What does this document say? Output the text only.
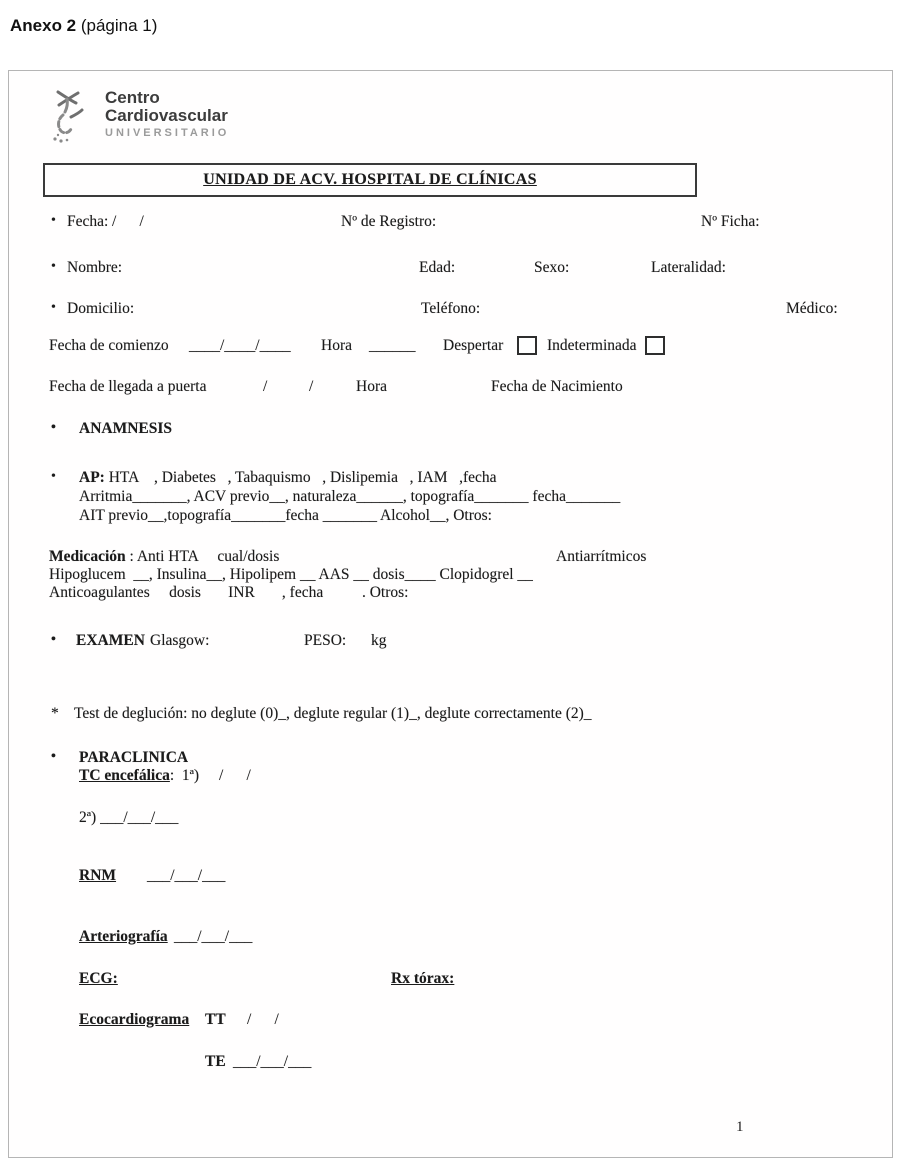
Anexo 2 (página 1)
Centro
Cardiovascular
UNIVERSITARIO
UNIDAD DE ACV. HOSPITAL DE CLÍNICAS
• Fecha: /      /	Nº de Registro:	Nº Ficha:
• Nombre:	Edad:	Sexo:	Lateralidad:
• Domicilio:	Teléfono:	Médico:
Fecha de comienzo ____/____/____ Hora ______ Despertar	Indeterminada
Fecha de llegada a puerta	/	/	Hora	Fecha de Nacimiento
• ANAMNESIS
• AP: HTA    , Diabetes   , Tabaquismo   , Dislipemia   , IAM   ,fecha
Arritmia_______, ACV previo__, naturaleza______, topografía_______ fecha_______
AIT previo__,topografía_______fecha _______ Alcohol__, Otros:
Medicación : Anti HTA     cual/dosis	Antiarrítmicos
Hipoglucem  __, Insulina__, Hipolipem __ AAS __ dosis____ Clopidogrel __
Anticoagulantes     dosis       INR       , fecha          . Otros:
• EXAMEN Glasgow:	PESO: kg
* Test de deglución: no deglute (0)_, deglute regular (1)_, deglute correctamente (2)_
• PARACLINICA
TC encefálica:  1ª) /      /
2ª) ___/___/___
RNM ___/___/___
Arteriografía ___/___/___
ECG:	Rx tórax:
Ecocardiograma TT /      /
TE ___/___/___
1
